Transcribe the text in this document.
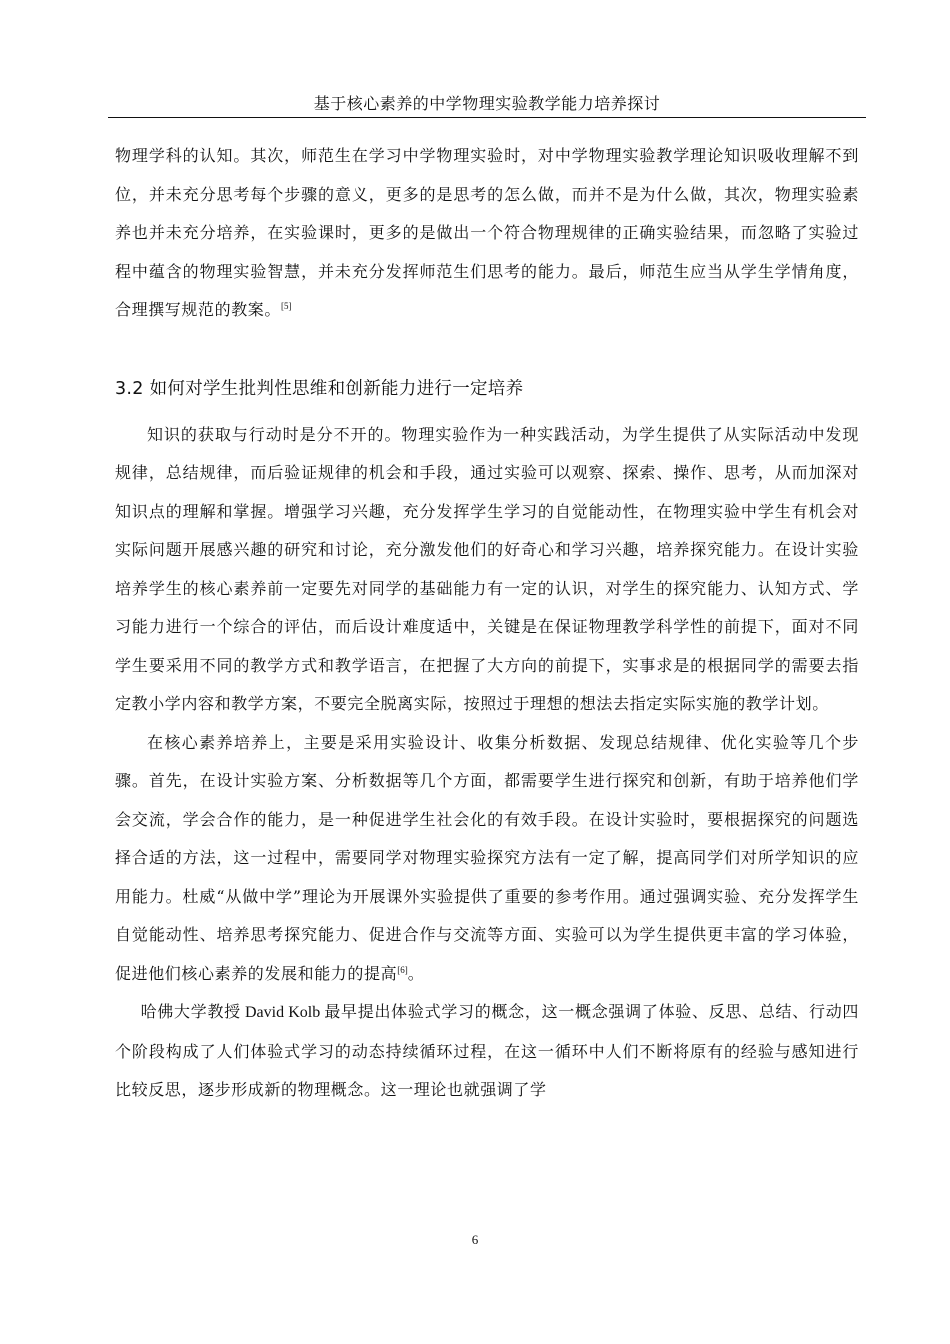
基于核心素养的中学物理实验教学能力培养探讨

物理学科的认知。其次，师范生在学习中学物理实验时，对中学物理实验教学理论知识吸收理解不到位，并未充分思考每个步骤的意义，更多的是思考的怎么做，而并不是为什么做，其次，物理实验素养也并未充分培养，在实验课时，更多的是做出一个符合物理规律的正确实验结果，而忽略了实验过程中蕴含的物理实验智慧，并未充分发挥师范生们思考的能力。最后，师范生应当从学生学情角度，合理撰写规范的教案。[5]

3.2 如何对学生批判性思维和创新能力进行一定培养

知识的获取与行动时是分不开的。物理实验作为一种实践活动，为学生提供了从实际活动中发现规律，总结规律，而后验证规律的机会和手段，通过实验可以观察、探索、操作、思考，从而加深对知识点的理解和掌握。增强学习兴趣，充分发挥学生学习的自觉能动性，在物理实验中学生有机会对实际问题开展感兴趣的研究和讨论，充分激发他们的好奇心和学习兴趣，培养探究能力。在设计实验培养学生的核心素养前一定要先对同学的基础能力有一定的认识，对学生的探究能力、认知方式、学习能力进行一个综合的评估，而后设计难度适中，关键是在保证物理教学科学性的前提下，面对不同学生要采用不同的教学方式和教学语言，在把握了大方向的前提下，实事求是的根据同学的需要去指定教小学内容和教学方案，不要完全脱离实际，按照过于理想的想法去指定实际实施的教学计划。

在核心素养培养上，主要是采用实验设计、收集分析数据、发现总结规律、优化实验等几个步骤。首先，在设计实验方案、分析数据等几个方面，都需要学生进行探究和创新，有助于培养他们学会交流，学会合作的能力，是一种促进学生社会化的有效手段。在设计实验时，要根据探究的问题选择合适的方法，这一过程中，需要同学对物理实验探究方法有一定了解，提高同学们对所学知识的应用能力。杜威“从做中学”理论为开展课外实验提供了重要的参考作用。通过强调实验、充分发挥学生自觉能动性、培养思考探究能力、促进合作与交流等方面、实验可以为学生提供更丰富的学习体验，促进他们核心素养的发展和能力的提高[6]。

哈佛大学教授 David Kolb 最早提出体验式学习的概念，这一概念强调了体验、反思、总结、行动四个阶段构成了人们体验式学习的动态持续循环过程，在这一循环中人们不断将原有的经验与感知进行比较反思，逐步形成新的物理概念。这一理论也就强调了学

6
